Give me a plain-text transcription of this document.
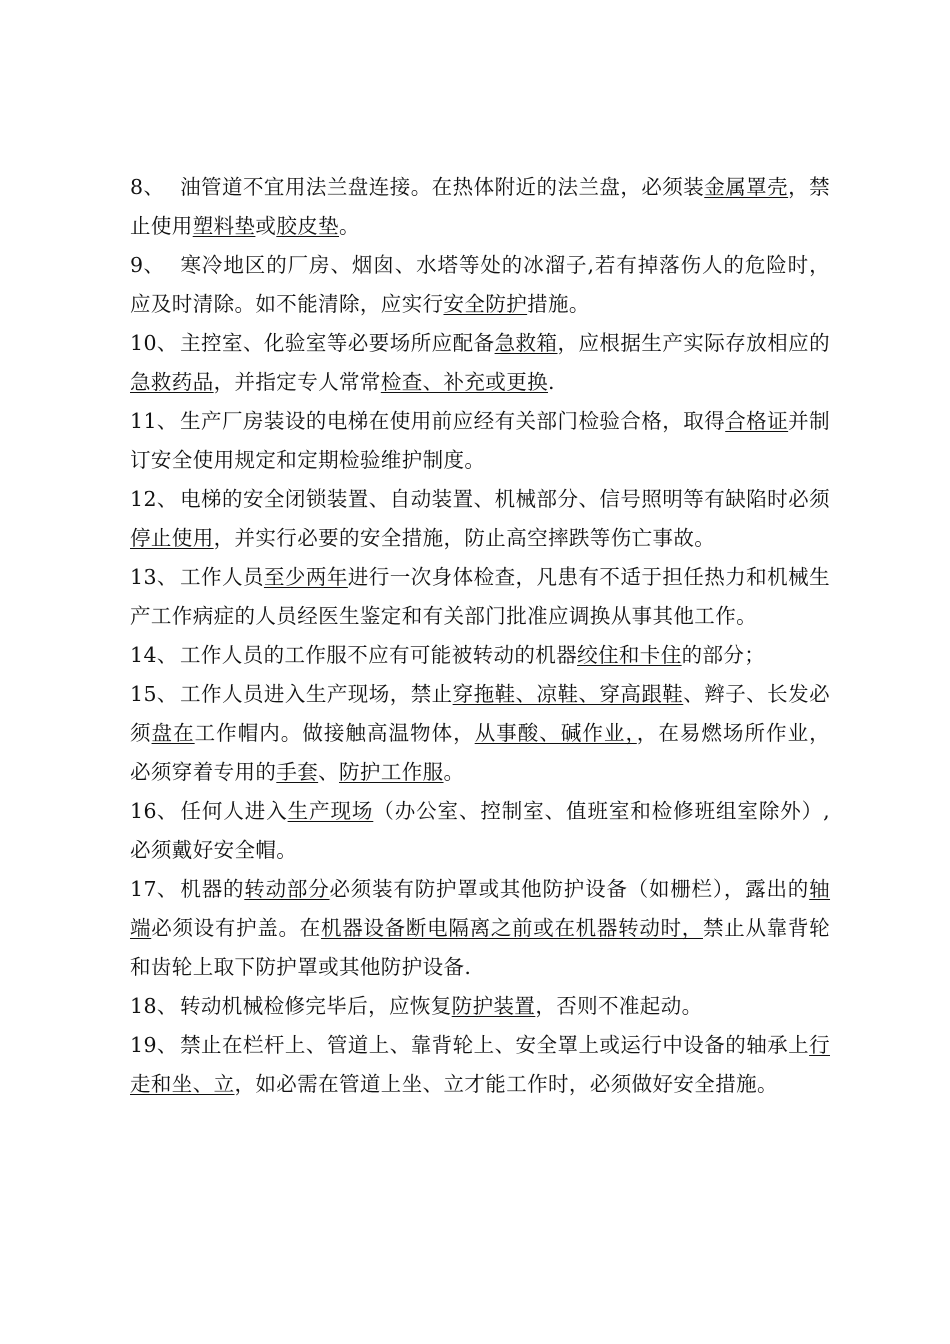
8、 油管道不宜用法兰盘连接。在热体附近的法兰盘，必须装金属罩壳，禁止使用塑料垫或胶皮垫。

9、 寒冷地区的厂房、烟囱、水塔等处的冰溜子,若有掉落伤人的危险时，应及时清除。如不能清除，应实行安全防护措施。

10、 主控室、化验室等必要场所应配备急救箱，应根据生产实际存放相应的急救药品，并指定专人常常检查、补充或更换.

11、 生产厂房装设的电梯在使用前应经有关部门检验合格，取得合格证并制订安全使用规定和定期检验维护制度。

12、 电梯的安全闭锁装置、自动装置、机械部分、信号照明等有缺陷时必须停止使用，并实行必要的安全措施，防止高空摔跌等伤亡事故。

13、 工作人员至少两年进行一次身体检查，凡患有不适于担任热力和机械生产工作病症的人员经医生鉴定和有关部门批准应调换从事其他工作。

14、 工作人员的工作服不应有可能被转动的机器绞住和卡住的部分；

15、 工作人员进入生产现场，禁止穿拖鞋、凉鞋、穿高跟鞋、辫子、长发必须盘在工作帽内。做接触高温物体，从事酸、碱作业，，在易燃场所作业，必须穿着专用的手套、防护工作服。

16、 任何人进入生产现场（办公室、控制室、值班室和检修班组室除外）,必须戴好安全帽。

17、 机器的转动部分必须装有防护罩或其他防护设备（如栅栏），露出的轴端必须设有护盖。在机器设备断电隔离之前或在机器转动时，禁止从靠背轮和齿轮上取下防护罩或其他防护设备.

18、 转动机械检修完毕后，应恢复防护装置，否则不准起动。

19、 禁止在栏杆上、管道上、靠背轮上、安全罩上或运行中设备的轴承上行走和坐、立，如必需在管道上坐、立才能工作时，必须做好安全措施。
